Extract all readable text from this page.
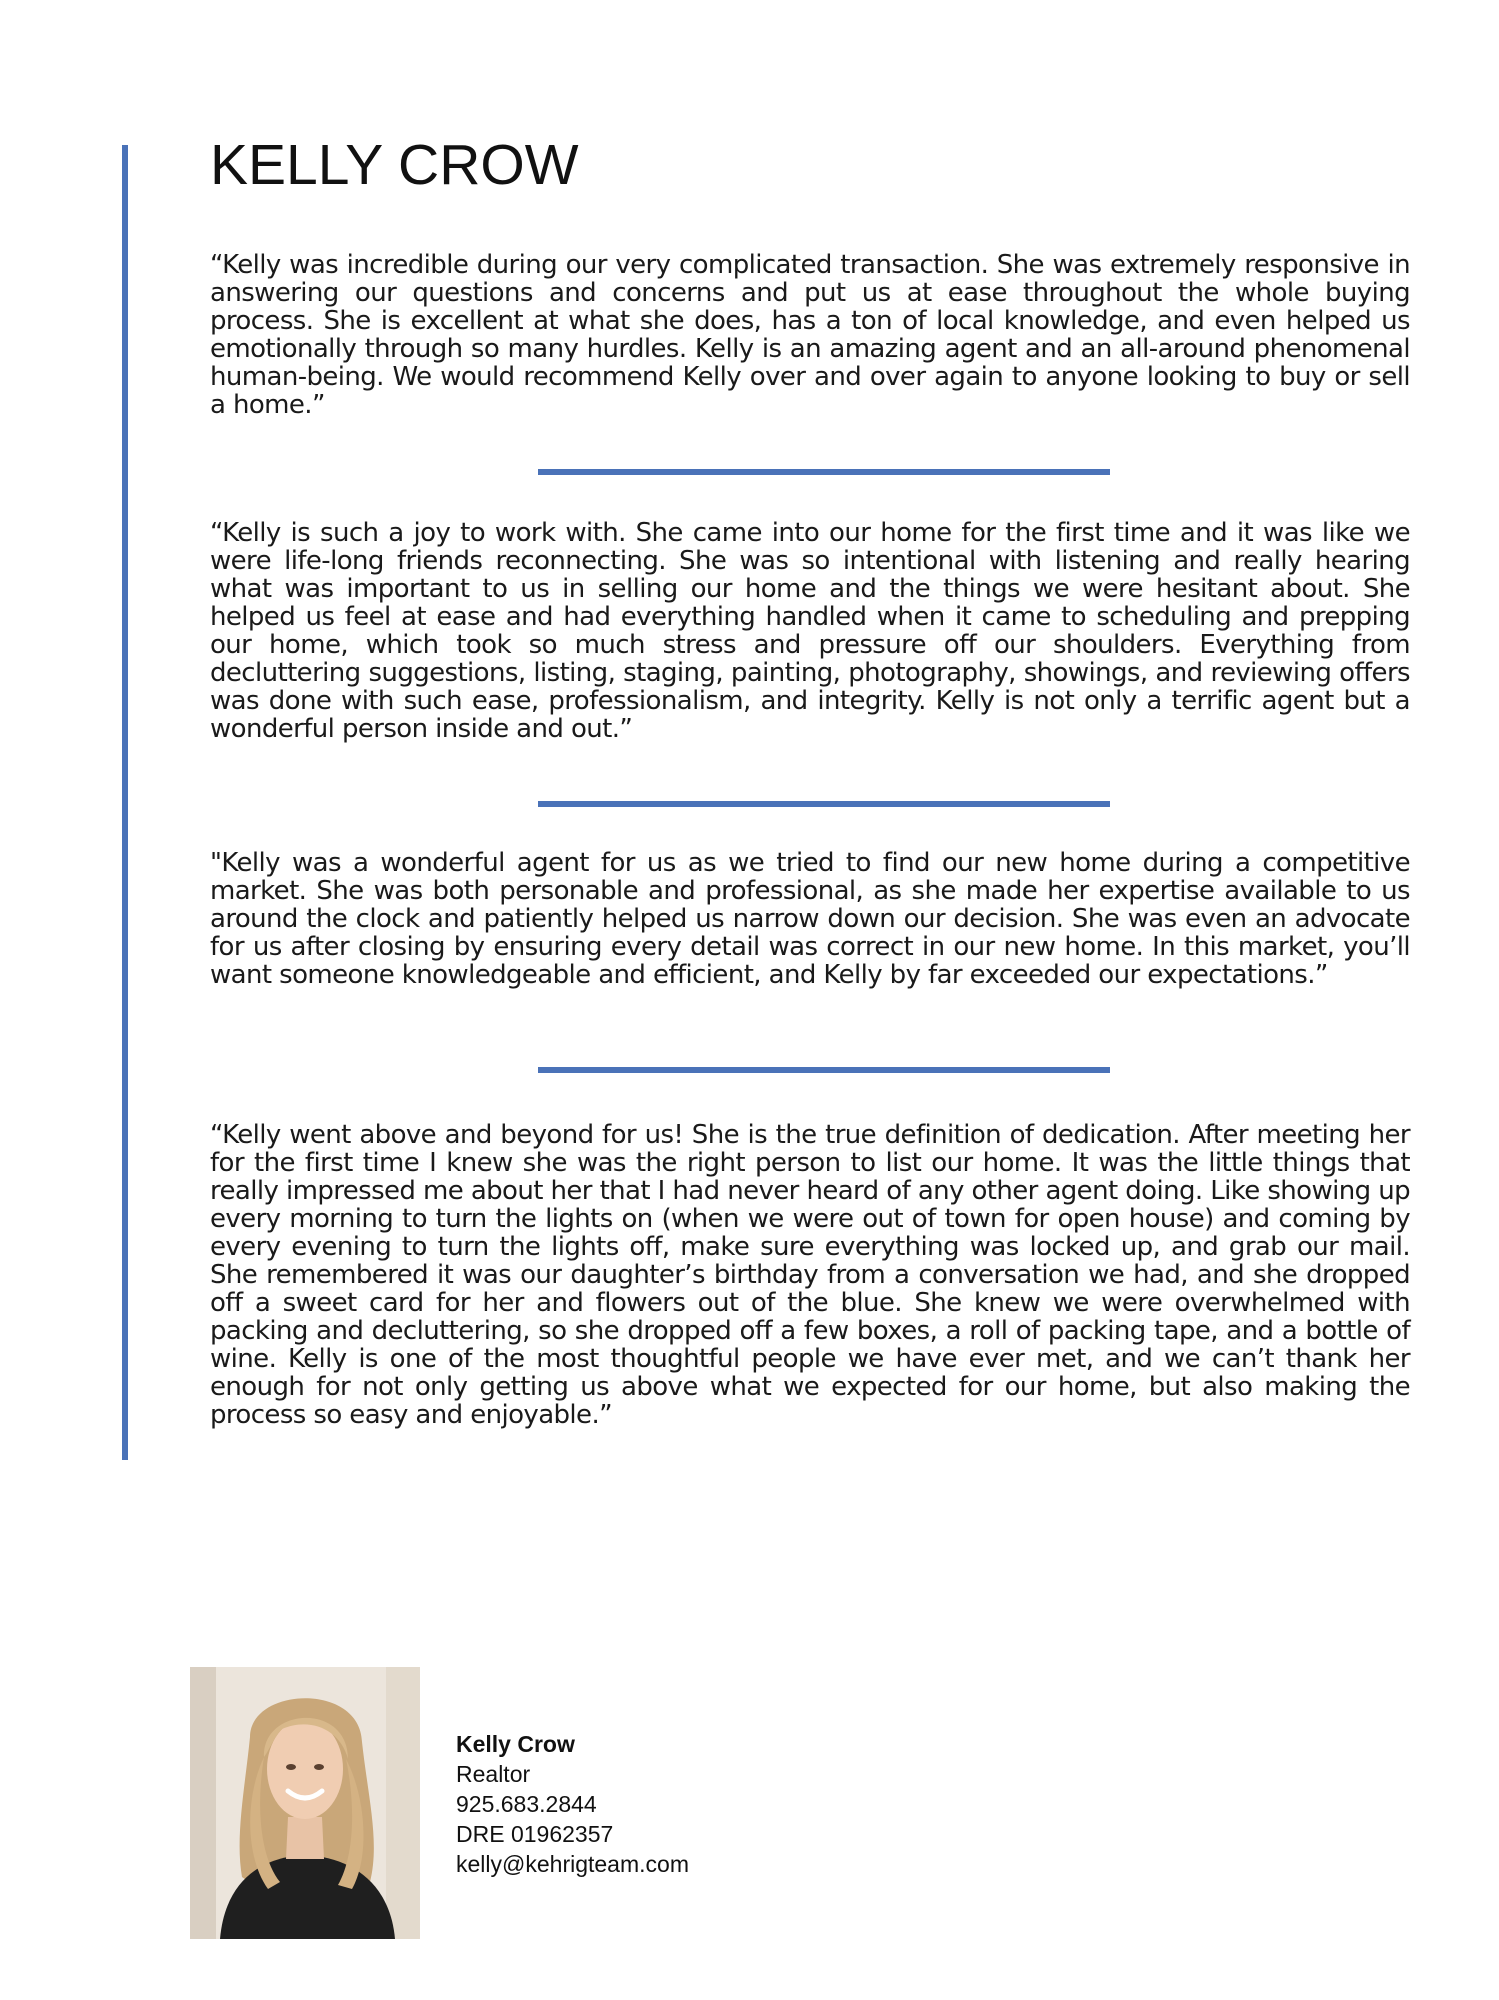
KELLY CROW

“Kelly was incredible during our very complicated transaction. She was extremely responsive in answering our questions and concerns and put us at ease throughout the whole buying process. She is excellent at what she does, has a ton of local knowledge, and even helped us emotionally through so many hurdles. Kelly is an amazing agent and an all-around phenomenal human-being. We would recommend Kelly over and over again to anyone looking to buy or sell a home.”

“Kelly is such a joy to work with. She came into our home for the first time and it was like we were life-long friends reconnecting. She was so intentional with listening and really hearing what was important to us in selling our home and the things we were hesitant about. She helped us feel at ease and had everything handled when it came to scheduling and prepping our home, which took so much stress and pressure off our shoulders. Everything from decluttering suggestions, listing, staging, painting, photography, showings, and reviewing offers was done with such ease, professionalism, and integrity. Kelly is not only a terrific agent but a wonderful person inside and out.”

"Kelly was a wonderful agent for us as we tried to find our new home during a competitive market. She was both personable and professional, as she made her expertise available to us around the clock and patiently helped us narrow down our decision. She was even an advocate for us after closing by ensuring every detail was correct in our new home. In this market, you’ll want someone knowledgeable and efficient, and Kelly by far exceeded our expectations.”

“Kelly went above and beyond for us! She is the true definition of dedication. After meeting her for the first time I knew she was the right person to list our home. It was the little things that really impressed me about her that I had never heard of any other agent doing. Like showing up every morning to turn the lights on (when we were out of town for open house) and coming by every evening to turn the lights off, make sure everything was locked up, and grab our mail. She remembered it was our daughter’s birthday from a conversation we had, and she dropped off a sweet card for her and flowers out of the blue. She knew we were overwhelmed with packing and decluttering, so she dropped off a few boxes, a roll of packing tape, and a bottle of wine. Kelly is one of the most thoughtful people we have ever met, and we can’t thank her enough for not only getting us above what we expected for our home, but also making the process so easy and enjoyable.”

Kelly Crow
Realtor
925.683.2844
DRE 01962357
kelly@kehrigteam.com
